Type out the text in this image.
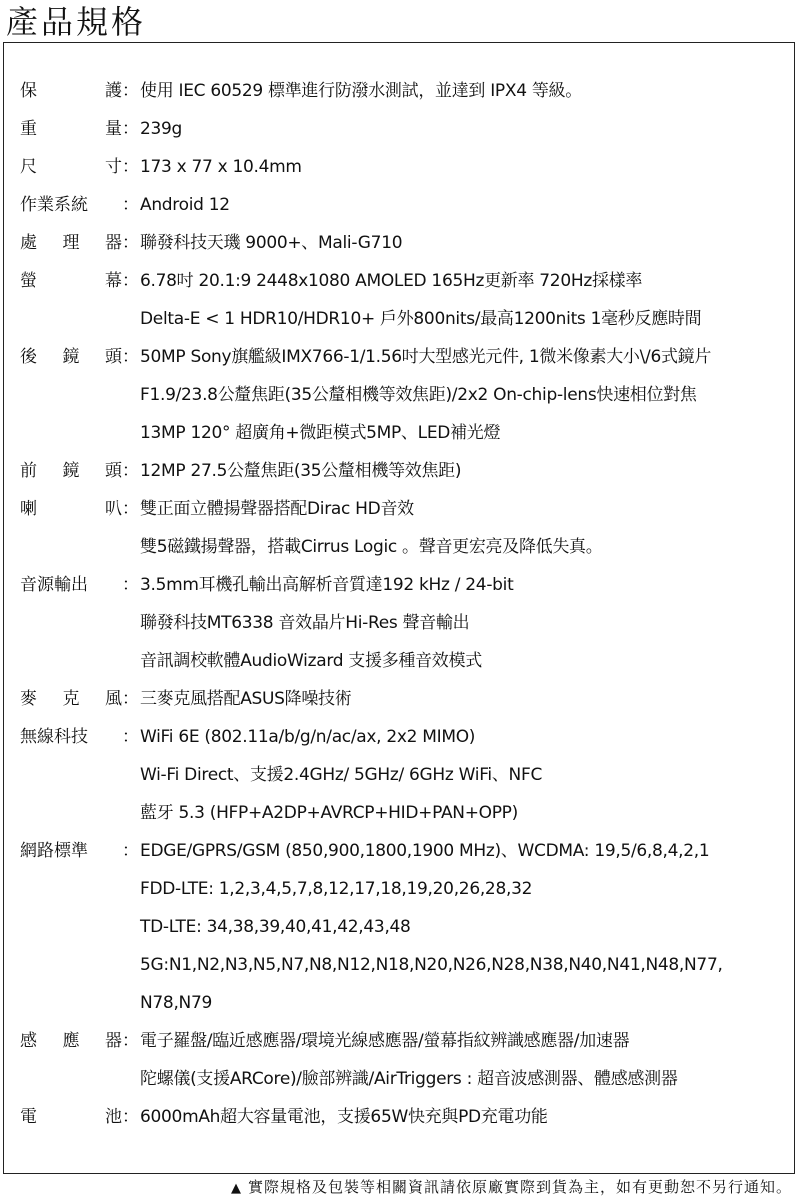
產品規格
保	護 ： 使用 IEC 60529 標準進行防潑水測試，並達到 IPX4 等級。
重	量 ： 239g
尺	寸 ： 173 x 77 x 10.4mm
作業系統 ： Android 12
處 理 器 ： 聯發科技天璣 9000+、Mali-G710
螢	幕 ： 6.78吋 20.1:9 2448x1080 AMOLED 165Hz更新率 720Hz採樣率
Delta-E < 1 HDR10/HDR10+ 戶外800nits/最高1200nits 1毫秒反應時間
後 鏡 頭 ： 50MP Sony旗艦級IMX766-1/1.56吋大型感光元件, 1微米像素大小\/6式鏡片
F1.9/23.8公釐焦距(35公釐相機等效焦距)/2x2 On-chip-lens快速相位對焦
13MP 120° 超廣角+微距模式5MP、LED補光燈
前 鏡 頭 ： 12MP 27.5公釐焦距(35公釐相機等效焦距)
喇	叭 ： 雙正面立體揚聲器搭配Dirac HD音效
雙5磁鐵揚聲器，搭載Cirrus Logic 。聲音更宏亮及降低失真。
音源輸出 ： 3.5mm耳機孔輸出高解析音質達192 kHz / 24-bit
聯發科技MT6338 音效晶片Hi-Res 聲音輸出
音訊調校軟體AudioWizard 支援多種音效模式
麥 克 風 ： 三麥克風搭配ASUS降噪技術
無線科技 ： WiFi 6E (802.11a/b/g/n/ac/ax, 2x2 MIMO)
Wi-Fi Direct、支援2.4GHz/ 5GHz/ 6GHz WiFi、NFC
藍牙 5.3 (HFP+A2DP+AVRCP+HID+PAN+OPP)
網路標準 ： EDGE/GPRS/GSM (850,900,1800,1900 MHz)、WCDMA: 19,5/6,8,4,2,1
FDD-LTE: 1,2,3,4,5,7,8,12,17,18,19,20,26,28,32
TD-LTE: 34,38,39,40,41,42,43,48
5G:N1,N2,N3,N5,N7,N8,N12,N18,N20,N26,N28,N38,N40,N41,N48,N77,
N78,N79
感 應 器 ： 電子羅盤/臨近感應器/環境光線感應器/螢幕指紋辨識感應器/加速器
陀螺儀(支援ARCore)/臉部辨識/AirTriggers : 超音波感測器、體感感測器
電	池 ： 6000mAh超大容量電池，支援65W快充與PD充電功能
▲ 實際規格及包裝等相關資訊請依原廠實際到貨為主，如有更動恕不另行通知。
